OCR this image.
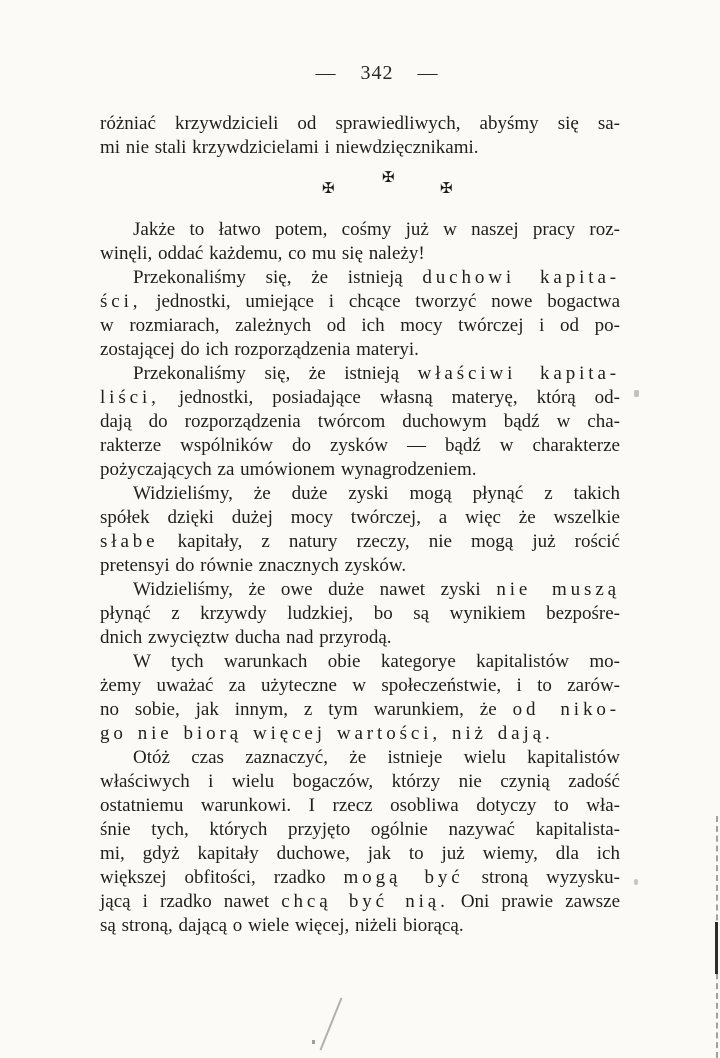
— 342 —
różniać krzywdzicieli od sprawiedliwych, abyśmy się sa-
mi nie stali krzywdzicielami i niewdzięcznikami.
✠
✠
✠
Jakże to łatwo potem, cośmy już w naszej pracy roz-
winęli, oddać każdemu, co mu się należy!
Przekonaliśmy się, że istnieją duchowi kapita-
ści, jednostki, umiejące i chcące tworzyć nowe bogactwa
w rozmiarach, zależnych od ich mocy twórczej i od po-
zostającej do ich rozporządzenia materyi.
Przekonaliśmy się, że istnieją właściwi kapita-
liści, jednostki, posiadające własną materyę, którą od-
dają do rozporządzenia twórcom duchowym bądź w cha-
rakterze wspólników do zysków — bądź w charakterze
pożyczających za umówionem wynagrodzeniem.
Widzieliśmy, że duże zyski mogą płynąć z takich
spółek dzięki dużej mocy twórczej, a więc że wszelkie
słabe kapitały, z natury rzeczy, nie mogą już rościć
pretensyi do równie znacznych zysków.
Widzieliśmy, że owe duże nawet zyski nie muszą
płynąć z krzywdy ludzkiej, bo są wynikiem bezpośre-
dnich zwycięztw ducha nad przyrodą.
W tych warunkach obie kategorye kapitalistów mo-
żemy uważać za użyteczne w społeczeństwie, i to zarów-
no sobie, jak innym, z tym warunkiem, że od niko-
go nie biorą więcej wartości, niż dają.
Otóż czas zaznaczyć, że istnieje wielu kapitalistów
właściwych i wielu bogaczów, którzy nie czynią zadość
ostatniemu warunkowi. I rzecz osobliwa dotyczy to wła-
śnie tych, których przyjęto ogólnie nazywać kapitalista-
mi, gdyż kapitały duchowe, jak to już wiemy, dla ich
większej obfitości, rzadko mogą być stroną wyzysku-
jącą i rzadko nawet chcą być nią. Oni prawie zawsze
są stroną, dającą o wiele więcej, niżeli biorącą.
